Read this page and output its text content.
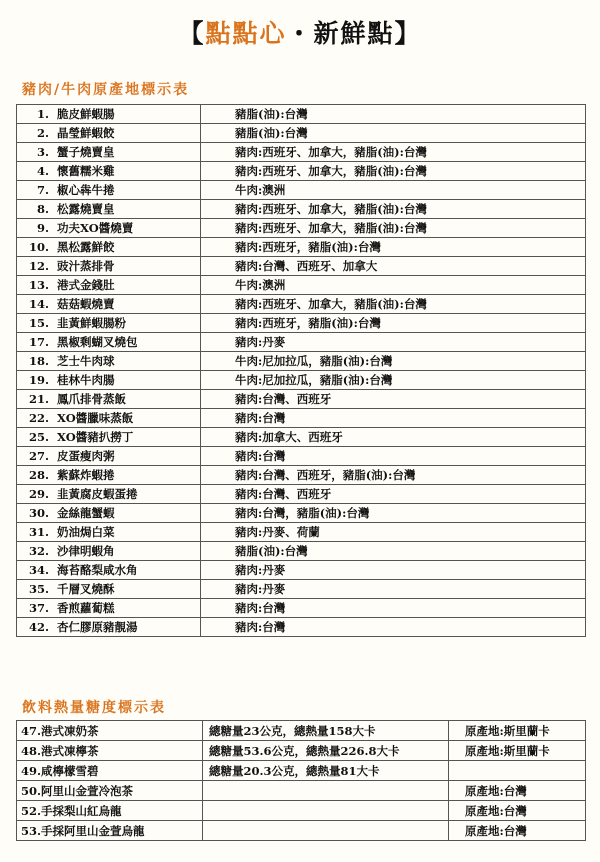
【點點心・新鮮點】
豬肉/牛肉原產地標示表
1. 脆皮鮮蝦腸	豬脂(油):台灣
2. 晶瑩鮮蝦餃	豬脂(油):台灣
3. 蟹子燒賣皇	豬肉:西班牙、加拿大，豬脂(油):台灣
4. 懷舊糯米雞	豬肉:西班牙、加拿大，豬脂(油):台灣
7. 椒心犇牛捲	牛肉:澳洲
8. 松露燒賣皇	豬肉:西班牙、加拿大，豬脂(油):台灣
9. 功夫XO醬燒賣	豬肉:西班牙、加拿大，豬脂(油):台灣
10. 黑松露鮮餃	豬肉:西班牙，豬脂(油):台灣
12. 豉汁蒸排骨	豬肉:台灣、西班牙、加拿大
13. 港式金錢肚	牛肉:澳洲
14. 菇菇蝦燒賣	豬肉:西班牙、加拿大，豬脂(油):台灣
15. 韭黃鮮蝦腸粉	豬肉:西班牙，豬脂(油):台灣
17. 黑椒剩蝴叉燒包	豬肉:丹麥
18. 芝士牛肉球	牛肉:尼加拉瓜，豬脂(油):台灣
19. 桂林牛肉腸	牛肉:尼加拉瓜，豬脂(油):台灣
21. 鳳爪排骨蒸飯	豬肉:台灣、西班牙
22. XO醬臘味蒸飯	豬肉:台灣
25. XO醬豬扒撈丁	豬肉:加拿大、西班牙
27. 皮蛋瘦肉粥	豬肉:台灣
28. 紫蘇炸蝦捲	豬肉:台灣、西班牙，豬脂(油):台灣
29. 韭黃腐皮蝦蛋捲	豬肉:台灣、西班牙
30. 金絲龍蟹蝦	豬肉:台灣，豬脂(油):台灣
31. 奶油焗白菜	豬肉:丹麥、荷蘭
32. 沙律明蝦角	豬脂(油):台灣
34. 海苔酪梨咸水角	豬肉:丹麥
35. 千層叉燒酥	豬肉:丹麥
37. 香煎蘿蔔糕	豬肉:台灣
42. 杏仁膠原豬靚湯	豬肉:台灣
飲料熱量糖度標示表
47.港式凍奶茶	總糖量23公克，總熱量158大卡	原產地:斯里蘭卡
48.港式凍檸茶	總糖量53.6公克，總熱量226.8大卡	原產地:斯里蘭卡
49.咸檸檬雪碧	總糖量20.3公克，總熱量81大卡	
50.阿里山金萱冷泡茶		原產地:台灣
52.手採梨山紅烏龍		原產地:台灣
53.手採阿里山金萱烏龍		原產地:台灣
